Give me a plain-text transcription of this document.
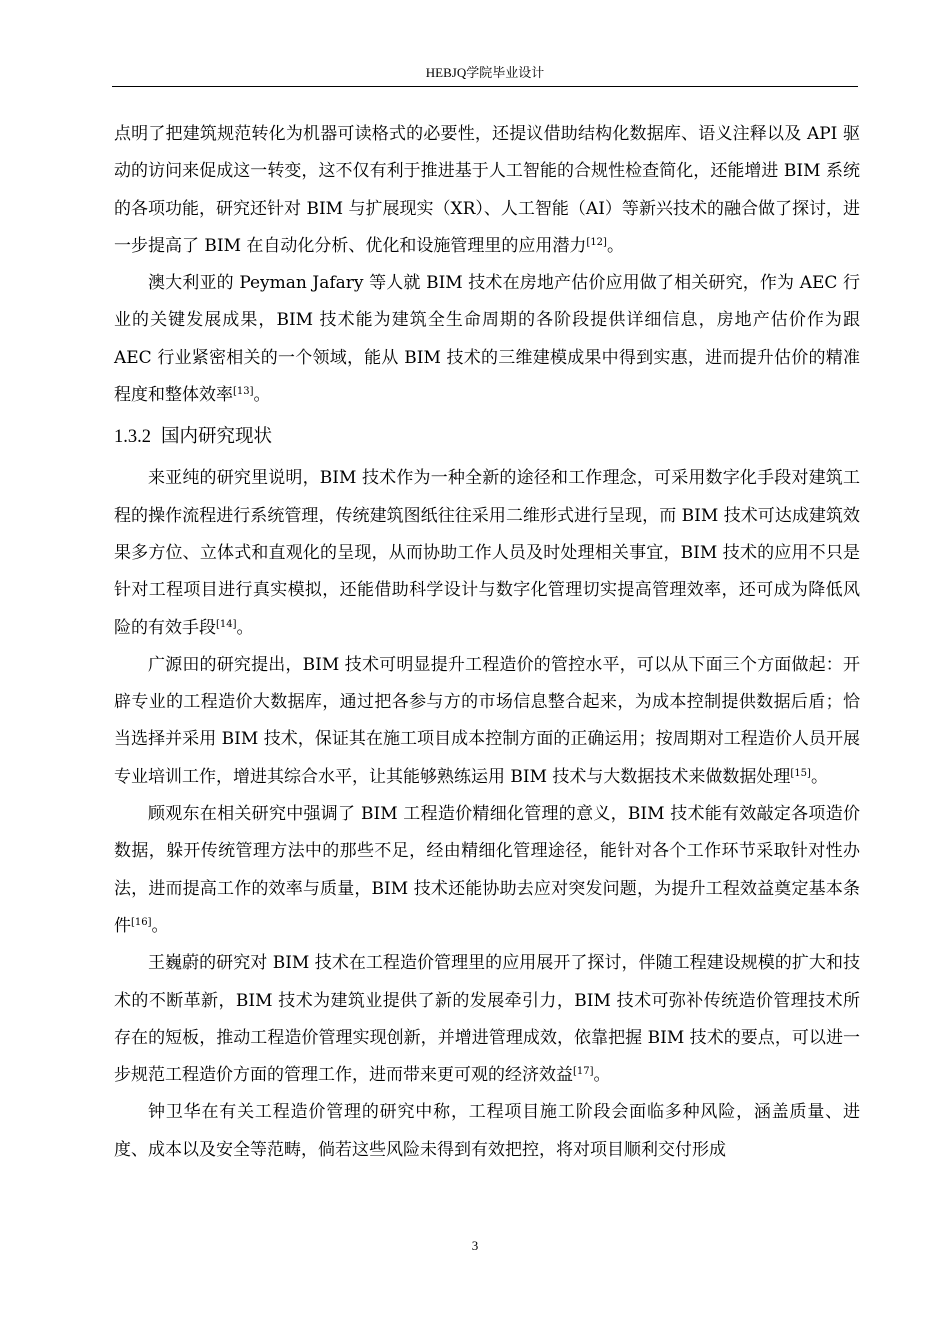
HEBJQ学院毕业设计

点明了把建筑规范转化为机器可读格式的必要性，还提议借助结构化数据库、语义注释以及 API 驱动的访问来促成这一转变，这不仅有利于推进基于人工智能的合规性检查简化，还能增进 BIM 系统的各项功能，研究还针对 BIM 与扩展现实（XR）、人工智能（AI）等新兴技术的融合做了探讨，进一步提高了 BIM 在自动化分析、优化和设施管理里的应用潜力[12]。

澳大利亚的 Peyman Jafary 等人就 BIM 技术在房地产估价应用做了相关研究，作为 AEC 行业的关键发展成果，BIM 技术能为建筑全生命周期的各阶段提供详细信息，房地产估价作为跟 AEC 行业紧密相关的一个领域，能从 BIM 技术的三维建模成果中得到实惠，进而提升估价的精准程度和整体效率[13]。

1.3.2 国内研究现状

来亚纯的研究里说明，BIM 技术作为一种全新的途径和工作理念，可采用数字化手段对建筑工程的操作流程进行系统管理，传统建筑图纸往往采用二维形式进行呈现，而 BIM 技术可达成建筑效果多方位、立体式和直观化的呈现，从而协助工作人员及时处理相关事宜，BIM 技术的应用不只是针对工程项目进行真实模拟，还能借助科学设计与数字化管理切实提高管理效率，还可成为降低风险的有效手段[14]。

广源田的研究提出，BIM 技术可明显提升工程造价的管控水平，可以从下面三个方面做起：开辟专业的工程造价大数据库，通过把各参与方的市场信息整合起来，为成本控制提供数据后盾；恰当选择并采用 BIM 技术，保证其在施工项目成本控制方面的正确运用；按周期对工程造价人员开展专业培训工作，增进其综合水平，让其能够熟练运用 BIM 技术与大数据技术来做数据处理[15]。

顾观东在相关研究中强调了 BIM 工程造价精细化管理的意义，BIM 技术能有效敲定各项造价数据，躲开传统管理方法中的那些不足，经由精细化管理途径，能针对各个工作环节采取针对性办法，进而提高工作的效率与质量，BIM 技术还能协助去应对突发问题，为提升工程效益奠定基本条件[16]。

王巍蔚的研究对 BIM 技术在工程造价管理里的应用展开了探讨，伴随工程建设规模的扩大和技术的不断革新，BIM 技术为建筑业提供了新的发展牵引力，BIM 技术可弥补传统造价管理技术所存在的短板，推动工程造价管理实现创新，并增进管理成效，依靠把握 BIM 技术的要点，可以进一步规范工程造价方面的管理工作，进而带来更可观的经济效益[17]。

钟卫华在有关工程造价管理的研究中称，工程项目施工阶段会面临多种风险，涵盖质量、进度、成本以及安全等范畴，倘若这些风险未得到有效把控，将对项目顺利交付形成

3
